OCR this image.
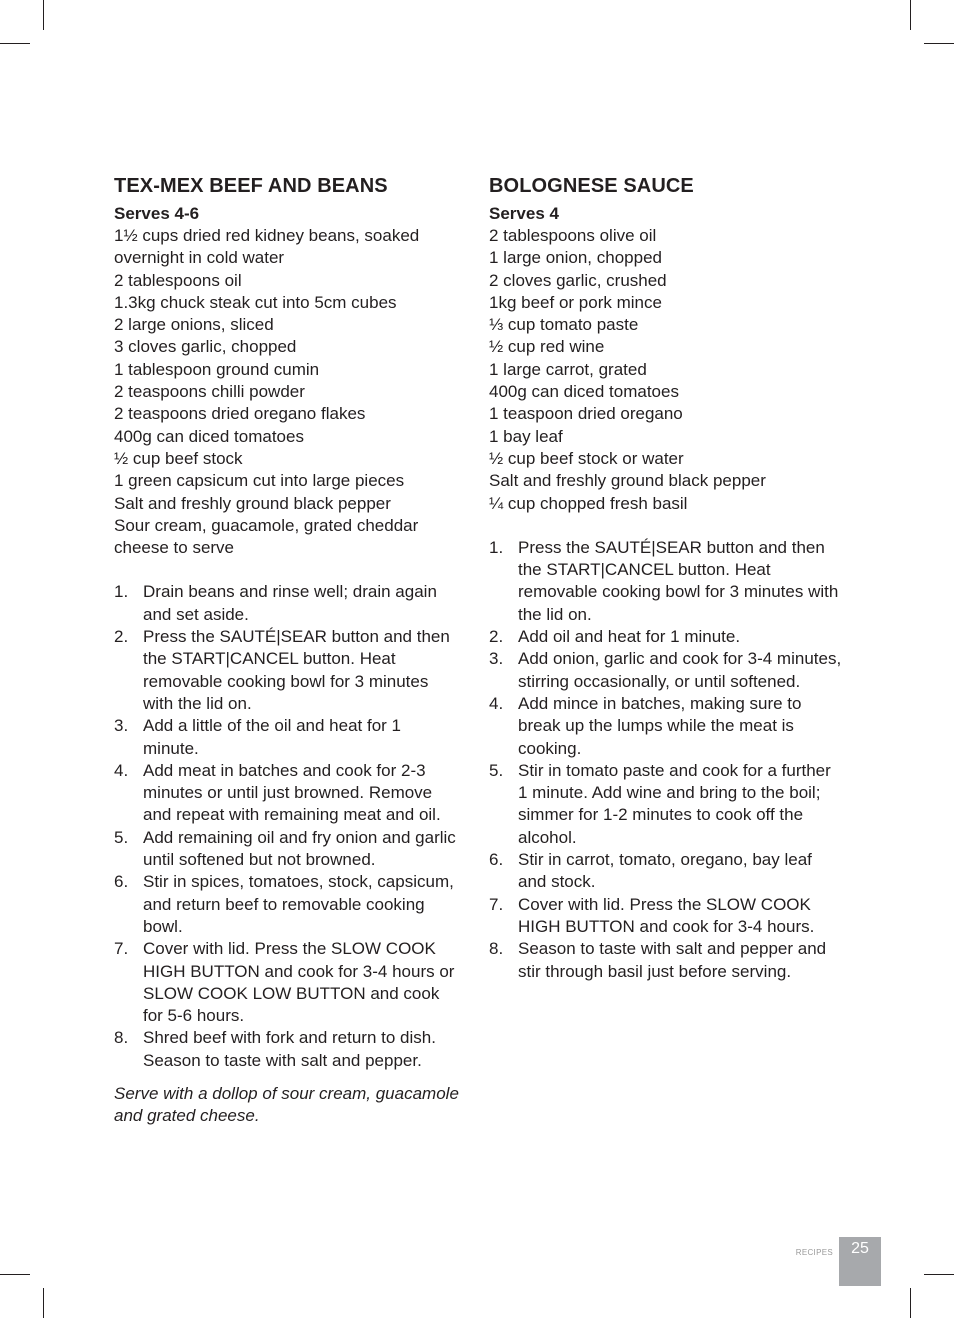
TEX-MEX BEEF AND BEANS
Serves 4-6
1½ cups dried red kidney beans, soaked
overnight in cold water
2 tablespoons oil
1.3kg chuck steak cut into 5cm cubes
2 large onions, sliced
3 cloves garlic, chopped
1 tablespoon ground cumin
2 teaspoons chilli powder
2 teaspoons dried oregano flakes
400g can diced tomatoes
½ cup beef stock
1 green capsicum cut into large pieces
Salt and freshly ground black pepper
Sour cream, guacamole, grated cheddar
cheese to serve
1. Drain beans and rinse well; drain again and set aside.
2. Press the SAUTÉ|SEAR button and then the START|CANCEL button. Heat removable cooking bowl for 3 minutes with the lid on.
3. Add a little of the oil and heat for 1 minute.
4. Add meat in batches and cook for 2-3 minutes or until just browned. Remove and repeat with remaining meat and oil.
5. Add remaining oil and fry onion and garlic until softened but not browned.
6. Stir in spices, tomatoes, stock, capsicum, and return beef to removable cooking bowl.
7. Cover with lid. Press the SLOW COOK HIGH BUTTON and cook for 3-4 hours or SLOW COOK LOW BUTTON and cook for 5-6 hours.
8. Shred beef with fork and return to dish. Season to taste with salt and pepper.
Serve with a dollop of sour cream, guacamole and grated cheese.
BOLOGNESE SAUCE
Serves 4
2 tablespoons olive oil
1 large onion, chopped
2 cloves garlic, crushed
1kg beef or pork mince
⅓ cup tomato paste
½ cup red wine
1 large carrot, grated
400g can diced tomatoes
1 teaspoon dried oregano
1 bay leaf
½ cup beef stock or water
Salt and freshly ground black pepper
¼ cup chopped fresh basil
1. Press the SAUTÉ|SEAR button and then the START|CANCEL button. Heat removable cooking bowl for 3 minutes with the lid on.
2. Add oil and heat for 1 minute.
3. Add onion, garlic and cook for 3-4 minutes, stirring occasionally, or until softened.
4. Add mince in batches, making sure to break up the lumps while the meat is cooking.
5. Stir in tomato paste and cook for a further 1 minute. Add wine and bring to the boil; simmer for 1-2 minutes to cook off the alcohol.
6. Stir in carrot, tomato, oregano, bay leaf and stock.
7. Cover with lid. Press the SLOW COOK HIGH BUTTON and cook for 3-4 hours.
8. Season to taste with salt and pepper and stir through basil just before serving.
RECIPES	25
